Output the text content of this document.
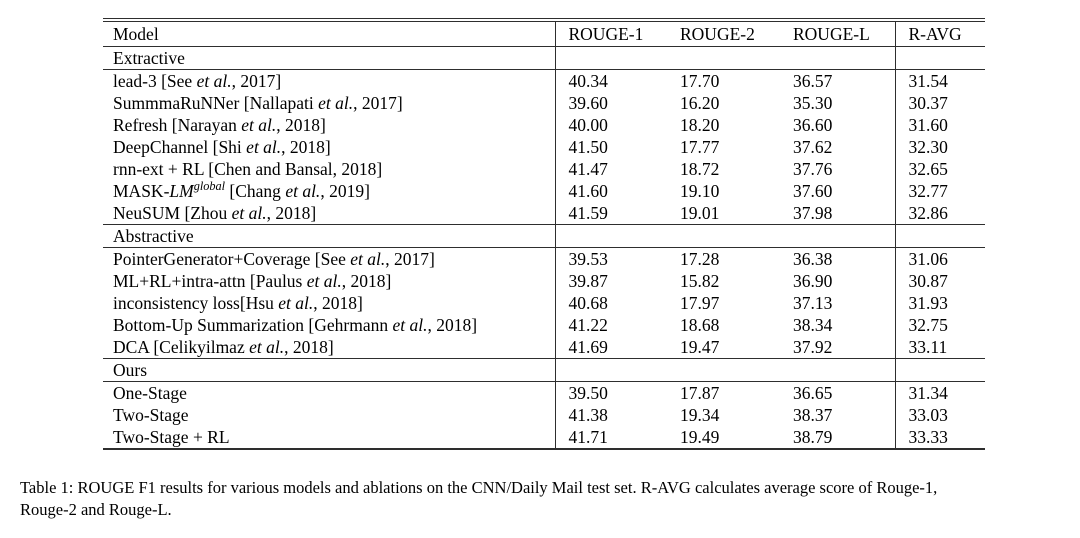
Model	ROUGE-1	ROUGE-2	ROUGE-L	R-AVG
Extractive				
lead-3 [See et al., 2017]	40.34	17.70	36.57	31.54
SummmaRuNNer [Nallapati et al., 2017]	39.60	16.20	35.30	30.37
Refresh [Narayan et al., 2018]	40.00	18.20	36.60	31.60
DeepChannel [Shi et al., 2018]	41.50	17.77	37.62	32.30
rnn-ext + RL [Chen and Bansal, 2018]	41.47	18.72	37.76	32.65
MASK-$LM^{global}$ [Chang et al., 2019]	41.60	19.10	37.60	32.77
NeuSUM [Zhou et al., 2018]	41.59	19.01	37.98	32.86
Abstractive				
PointerGenerator+Coverage [See et al., 2017]	39.53	17.28	36.38	31.06
ML+RL+intra-attn [Paulus et al., 2018]	39.87	15.82	36.90	30.87
inconsistency loss[Hsu et al., 2018]	40.68	17.97	37.13	31.93
Bottom-Up Summarization [Gehrmann et al., 2018]	41.22	18.68	38.34	32.75
DCA [Celikyilmaz et al., 2018]	41.69	19.47	37.92	33.11
Ours				
One-Stage	39.50	17.87	36.65	31.34
Two-Stage	41.38	19.34	38.37	33.03
Two-Stage + RL	41.71	19.49	38.79	33.33
Table 1: ROUGE F1 results for various models and ablations on the CNN/Daily Mail test set. R-AVG calculates average score of Rouge-1,
Rouge-2 and Rouge-L.
